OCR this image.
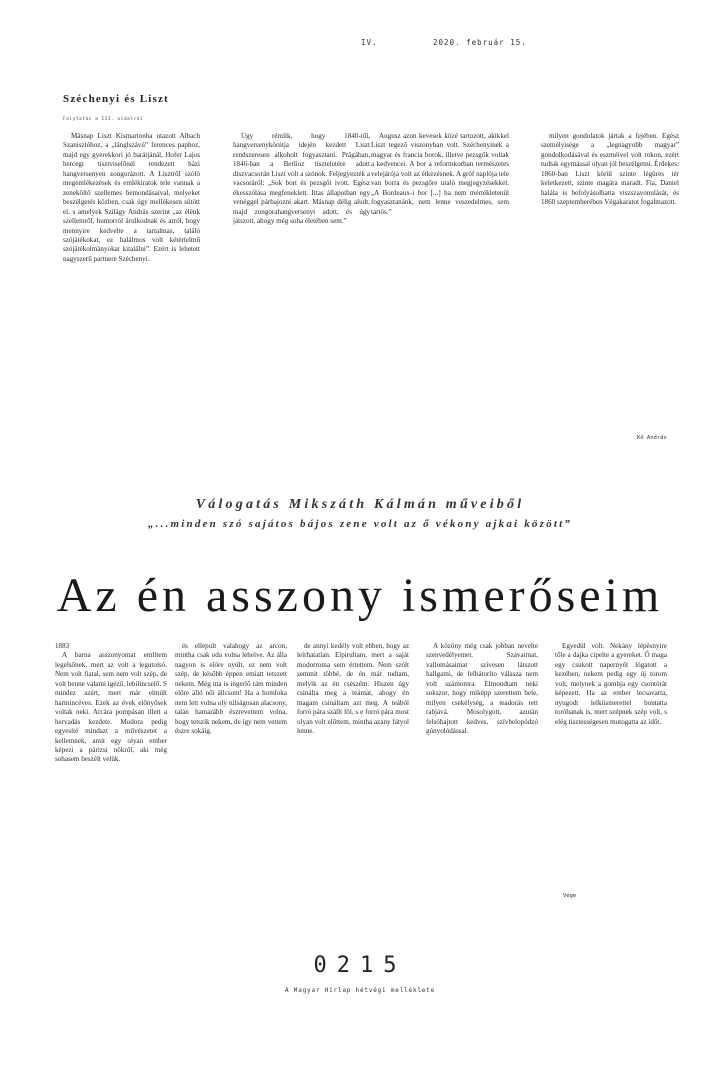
IV.	2020. február 15.
Széchenyi és Liszt
Folytatás a III. oldalról

Másnap Liszt Kismartonba utazott Albach Szaniszlóhoz, a „lánglszávú” ferences paphoz, majd egy gyerekkori jó barátjánál, Hofer Lajos hercegi tisztviselőnél rendezett házi hangversenyen zongorázott. A Lisztről szóló megemlékezések és emlékiratok tele vannak a zeneköltő szellemes bemondásaival, melyeket beszélgetés közben, csak úgy mellékesen sütött el, s amelyek Szilágy András szerint „az élénk szellemről, humorról árulkodnak és arról, hogy mennyire kedvelte a tartalmas, találó szójátékokat, ez halálmos volt kétértelmű szójátékolmányokat kitalálni”. Ezért is lehetett nagyszerű partnere Széchenyi.

Úgy rémlik, hogy 1840-től, hangversenykörútja idején kezdett Liszt rendszeresen alkoholt fogyasztani. Prágában, 1846-ban a Berlioz tiszteletére adott díszvacsorán Liszt volt a szónok. Feljegyezték a vacsoráról: „Sok bort és pezsgőt ivott. Egész ékesszólása megfeneklett. Ittas állapotban egy venéggel párbajozni akart. Másnap délig aludt, majd zongorahangversenyt adott, és úgy játszott, ahogy még soha életében sem.”

Augusz azon kevesek közé tartozott, akikkel Liszt tegező viszonyban volt. Széchenyinek a magyar és francia borok, illetve pezsgők voltak a kedvencei. A bor a reformkorban természetes velejárója volt az étkezésnek. A gróf naplója tele van borra és pezsgőre utaló megjegyzésekkel. „A Bordeaux-i bor [...] ha nem mértékletenül fogyasztanánk, nem lenne veszedelmes, sem tartós.”

milyen gondolatok jártak a fejében. Egész személyisége a „legnagyobb magyar” gondolkodásával és eszméivel volt rokon, ezért tudtak egymással olyan jól beszélgetni. Érdekes: 1860-ban Liszt körül szinte légüres tér keletkezett, szinte magára maradt. Fia, Daniel halála is befolyásolhatta viszszavonulását, és 1860 szeptemberében Végakaratot fogalmazott.

Kő András
Válogatás Mikszáth Kálmán műveiből
„...minden szó sajátos bájos zene volt az ő vékony ajkai között”
Az én asszony ismerőseim

1883

A barna asszonyomat említem legelsőnek, mert az volt a legutolsó. Nem volt fiatal, sem nem volt szép, de volt benne valami igéző, lebilincselő. S mindez azért, mert már elmúlt harmincéves. Ezek az évek előnyösek voltak neki. Arcára pompásan illett a hervadás kezdete. Modora pedig egyesíté mindazt a művészetet a kellemnek, amit egy olyan ember képezi a párizsi nőkről, aki még sohasem beszélt velük.

és ellepult valahogy az arcon, mintha csak oda volna lehelve. Az álla nagyon is előre nyúlt, ez nem volt szép, de később éppen emiatt tetszett nekem. Még ma is ingerlő rám minden előre álló női állcsont! Ha a homloka nem lett volna oly túlságosan alacsony, talán hamarább észrevettem volna, hogy tetszik nekem, de így nem vettem észre sokáig.

de annyi kedély volt ebben, hogy az leírhatatlan. Elpirultam, mert a saját modorroma sem értettem. Nem szólt semmit többé, de én már tudtam, melyik az én csészém. Hiszen úgy csinálta meg a teámat, ahogy én magam csináltam azt meg. A teából forró pára szállt föl, s e forró pára most olyan volt előttem, mintha azany fátyol lenne.

A közöny még csak jobban nevelte szenvedélyemet. Szavaimat, vallomásaimat szívesen látszott hallgatni, de felbátoríto válasza nem volt számomra. Elmondtam neki sokszor, hogy miképp szerettem bele, milyen csekélység, a teadorás tett rabjává. Mosolygott, azután felsóhajtott kedves, szívbelopódzó gúnyolódással.

Egyedül volt. Nekány lépésnyire tőle a dajka cipelte a gyereket. Ő maga egy csukott napernyőt lógatott a kezében, nekem pedig egy új torom volt, melynek a gombja egy csontórát képezett. Ha az ember lecsavarta, nyugodt lelkiismerettel bontatta toróbanak is, mert szépnek szép volt, s elég tisztességesen mutogatta az időt.

Vége
0215
A Magyar Hírlap hétvégi melléklete
